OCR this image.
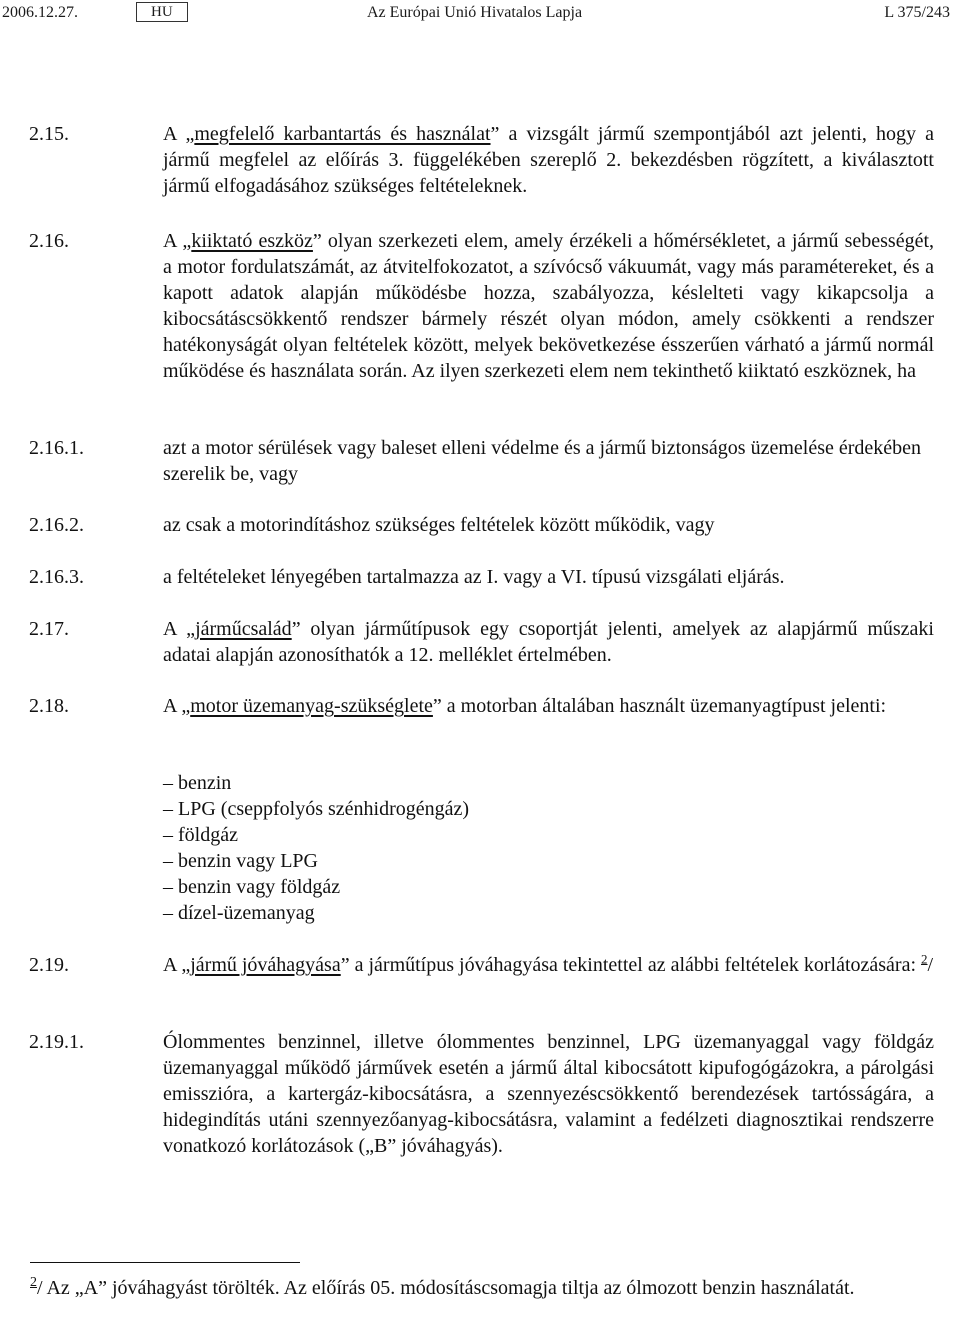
2006.12.27.	HU	Az Európai Unió Hivatalos Lapja	L 375/243
2.15.	A „megfelelő karbantartás és használat” a vizsgált jármű szempontjából azt jelenti, hogy a jármű megfelel az előírás 3. függelékében szereplő 2. bekezdésben rögzített, a kiválasztott jármű elfogadásához szükséges feltételeknek.
2.16.	A „kiiktató eszköz” olyan szerkezeti elem, amely érzékeli a hőmérsékletet, a jármű sebességét, a motor fordulatszámát, az átvitelfokozatot, a szívócső vákuumát, vagy más paramétereket, és a kapott adatok alapján működésbe hozza, szabályozza, késlelteti vagy kikapcsolja a kibocsátáscsökkentő rendszer bármely részét olyan módon, amely csökkenti a rendszer hatékonyságát olyan feltételek között, melyek bekövetkezése ésszerűen várható a jármű normál működése és használata során. Az ilyen szerkezeti elem nem tekinthető kiiktató eszköznek, ha
2.16.1.	azt a motor sérülések vagy baleset elleni védelme és a jármű biztonságos üzemelése érdekében szerelik be, vagy
2.16.2.	az csak a motorindításhoz szükséges feltételek között működik, vagy
2.16.3.	a feltételeket lényegében tartalmazza az I. vagy a VI. típusú vizsgálati eljárás.
2.17.	A „járműcsalád” olyan járműtípusok egy csoportját jelenti, amelyek az alapjármű műszaki adatai alapján azonosíthatók a 12. melléklet értelmében.
2.18.	A „motor üzemanyag-szükséglete” a motorban általában használt üzemanyagtípust jelenti:
– benzin
– LPG (cseppfolyós szénhidrogéngáz)
– földgáz
– benzin vagy LPG
– benzin vagy földgáz
– dízel-üzemanyag
2.19.	A „jármű jóváhagyása” a járműtípus jóváhagyása tekintettel az alábbi feltételek korlátozására: $^2$/
2.19.1.	Ólommentes benzinnel, illetve ólommentes benzinnel, LPG üzemanyaggal vagy földgáz üzemanyaggal működő járművek esetén a jármű által kibocsátott kipufogógázokra, a párolgási emisszióra, a kartergáz-kibocsátásra, a szennyezéscsökkentő berendezések tartósságára, a hidegindítás utáni szennyezőanyag-kibocsátásra, valamint a fedélzeti diagnosztikai rendszerre vonatkozó korlátozások („B” jóváhagyás).
$^2$/ Az „A” jóváhagyást törölték. Az előírás 05. módosításcsomagja tiltja az ólmozott benzin használatát.
